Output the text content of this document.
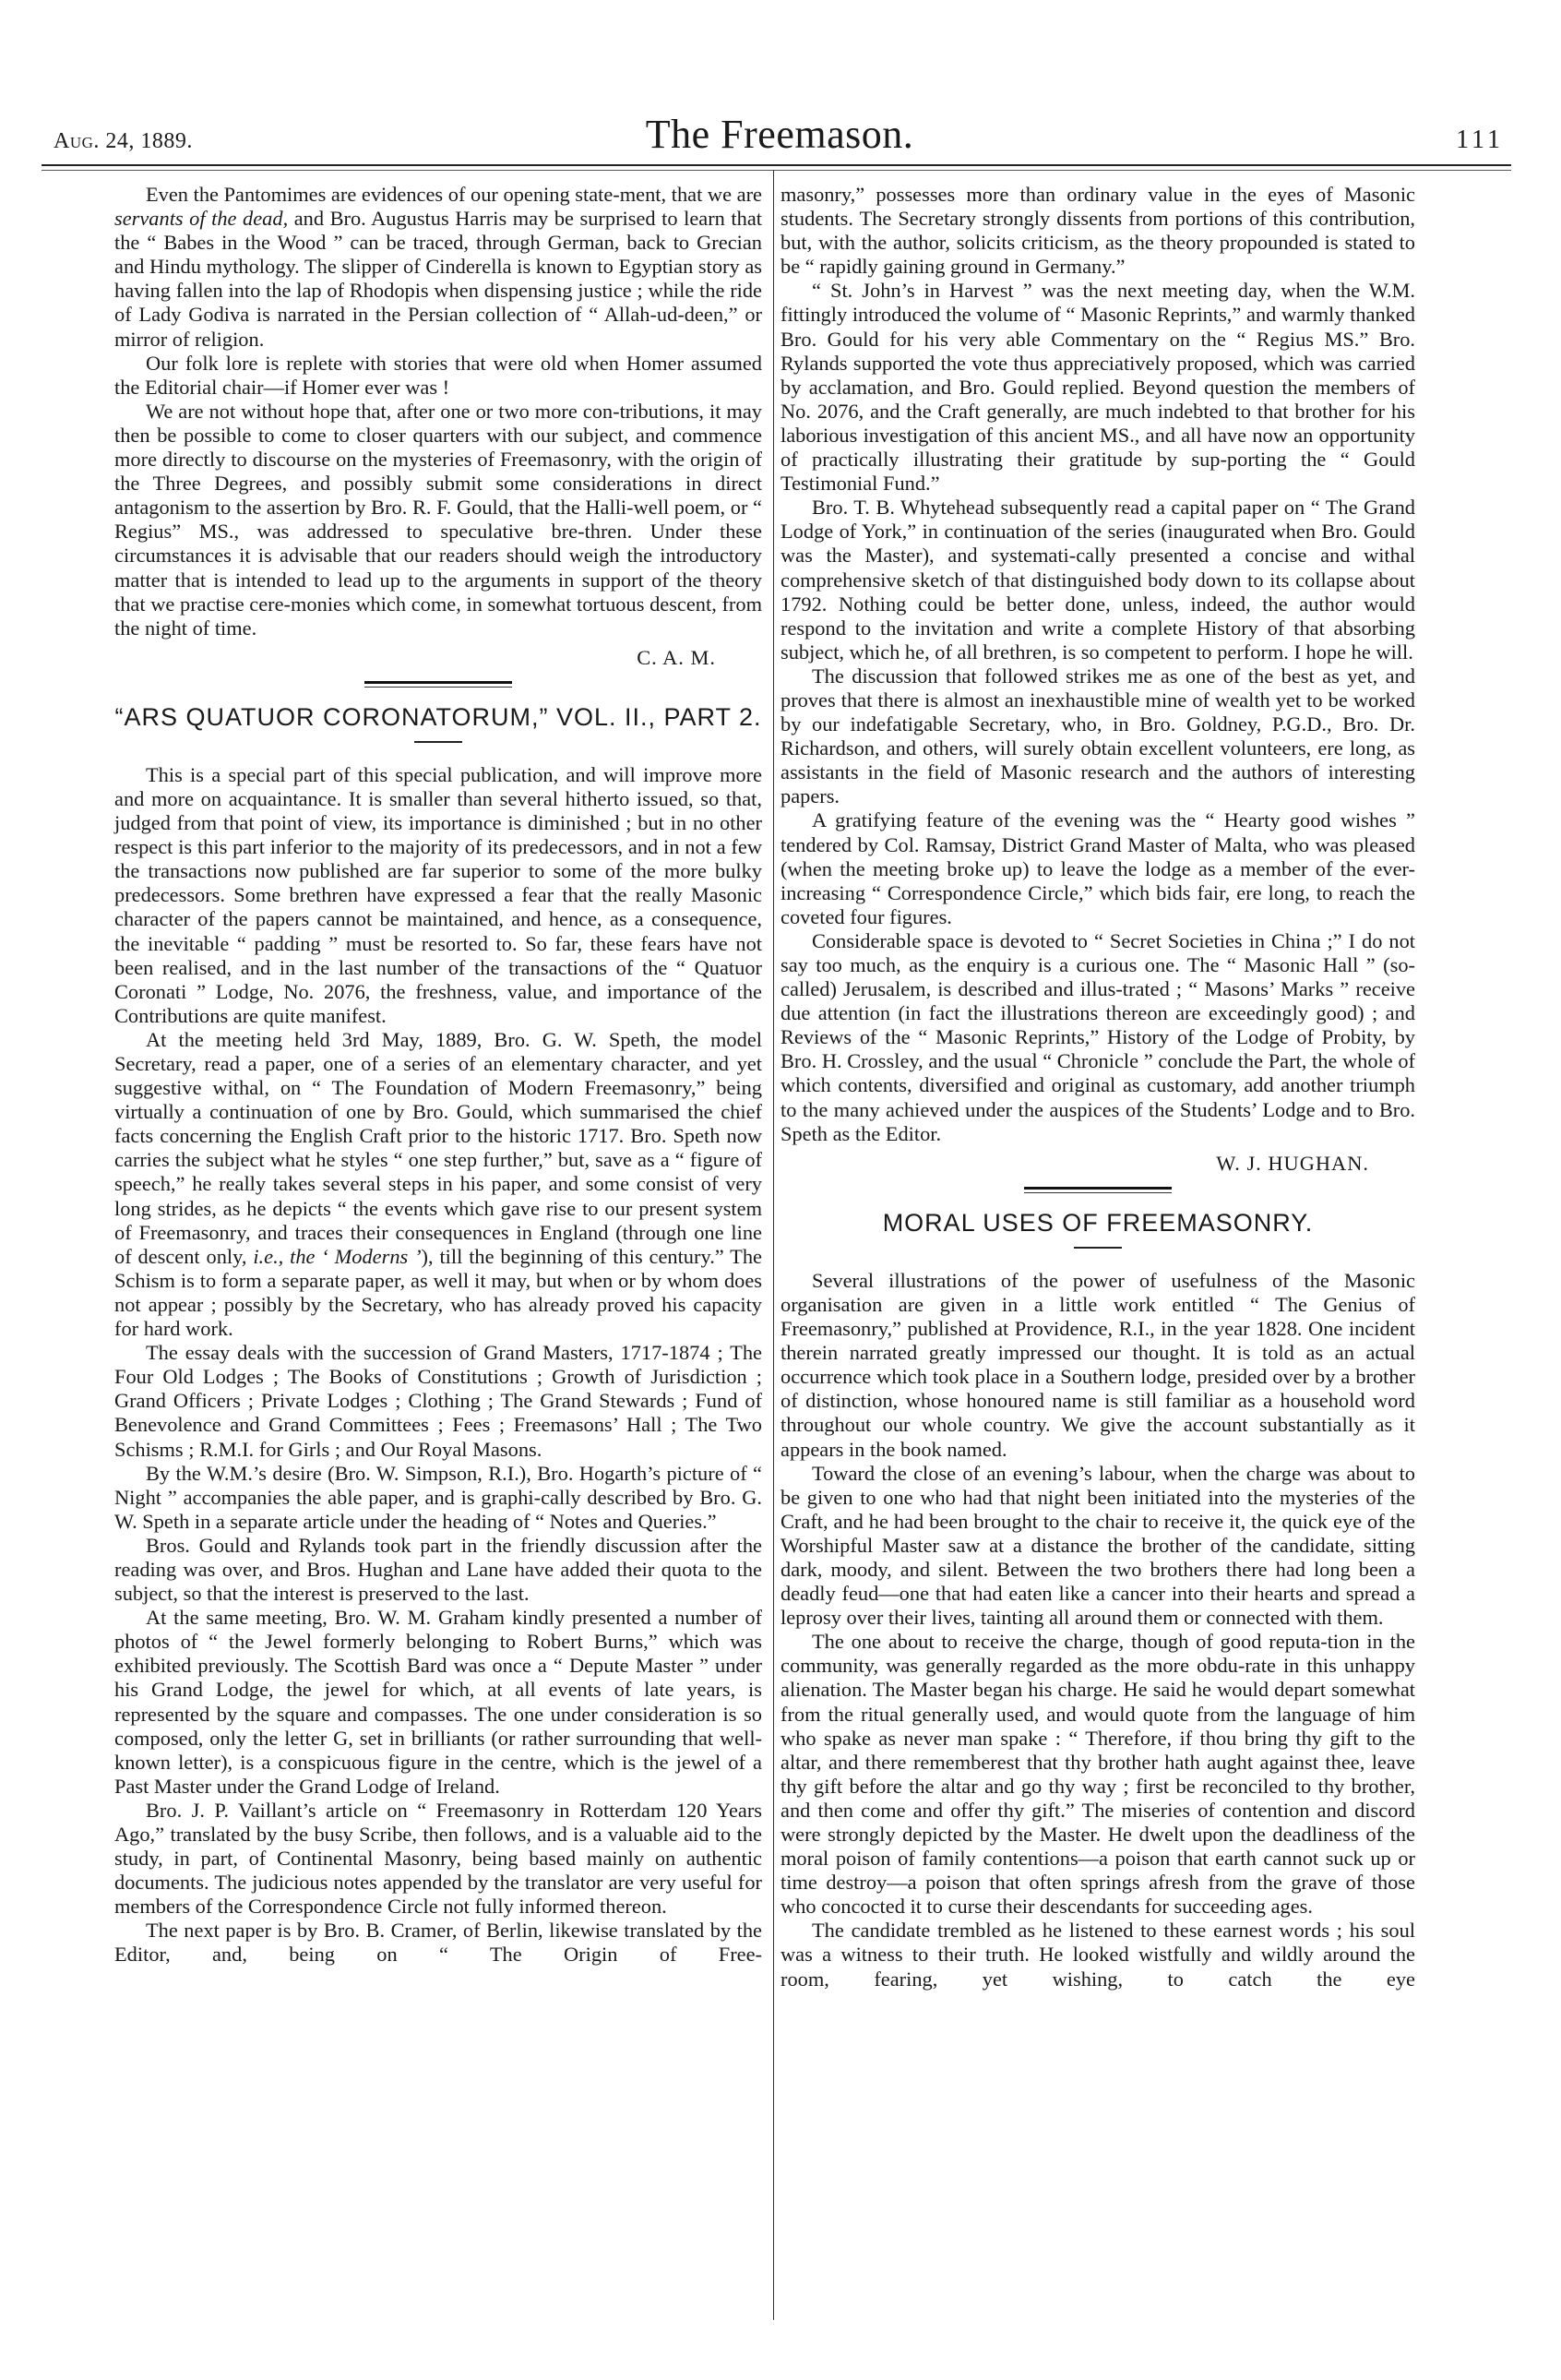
Aug. 24, 1889.	The Freemason.	111

Even the Pantomimes are evidences of our opening state-ment, that we are servants of the dead, and Bro. Augustus Harris may be surprised to learn that the “ Babes in the Wood ” can be traced, through German, back to Grecian and Hindu mythology. The slipper of Cinderella is known to Egyptian story as having fallen into the lap of Rhodopis when dispensing justice ; while the ride of Lady Godiva is narrated in the Persian collection of “ Allah-ud-deen,” or mirror of religion.

Our folk lore is replete with stories that were old when Homer assumed the Editorial chair—if Homer ever was !

We are not without hope that, after one or two more con-tributions, it may then be possible to come to closer quarters with our subject, and commence more directly to discourse on the mysteries of Freemasonry, with the origin of the Three Degrees, and possibly submit some considerations in direct antagonism to the assertion by Bro. R. F. Gould, that the Halli-well poem, or “ Regius” MS., was addressed to speculative bre-thren. Under these circumstances it is advisable that our readers should weigh the introductory matter that is intended to lead up to the arguments in support of the theory that we practise cere-monies which come, in somewhat tortuous descent, from the night of time.

C. A. M.
“ARS QUATUOR CORONATORUM,” VOL. II., PART 2.

This is a special part of this special publication, and will improve more and more on acquaintance. It is smaller than several hitherto issued, so that, judged from that point of view, its importance is diminished ; but in no other respect is this part inferior to the majority of its predecessors, and in not a few the transactions now published are far superior to some of the more bulky predecessors. Some brethren have expressed a fear that the really Masonic character of the papers cannot be maintained, and hence, as a consequence, the inevitable “ padding ” must be resorted to. So far, these fears have not been realised, and in the last number of the transactions of the “ Quatuor Coronati ” Lodge, No. 2076, the freshness, value, and importance of the Contributions are quite manifest.

At the meeting held 3rd May, 1889, Bro. G. W. Speth, the model Secretary, read a paper, one of a series of an elementary character, and yet suggestive withal, on “ The Foundation of Modern Freemasonry,” being virtually a continuation of one by Bro. Gould, which summarised the chief facts concerning the English Craft prior to the historic 1717. Bro. Speth now carries the subject what he styles “ one step further,” but, save as a “ figure of speech,” he really takes several steps in his paper, and some consist of very long strides, as he depicts “ the events which gave rise to our present system of Freemasonry, and traces their consequences in England (through one line of descent only, i.e., the ‘ Moderns ’), till the beginning of this century.” The Schism is to form a separate paper, as well it may, but when or by whom does not appear ; possibly by the Secretary, who has already proved his capacity for hard work.

The essay deals with the succession of Grand Masters, 1717-1874 ; The Four Old Lodges ; The Books of Constitutions ; Growth of Jurisdiction ; Grand Officers ; Private Lodges ; Clothing ; The Grand Stewards ; Fund of Benevolence and Grand Committees ; Fees ; Freemasons’ Hall ; The Two Schisms ; R.M.I. for Girls ; and Our Royal Masons.

By the W.M.’s desire (Bro. W. Simpson, R.I.), Bro. Hogarth’s picture of “ Night ” accompanies the able paper, and is graphi-cally described by Bro. G. W. Speth in a separate article under the heading of “ Notes and Queries.”

Bros. Gould and Rylands took part in the friendly discussion after the reading was over, and Bros. Hughan and Lane have added their quota to the subject, so that the interest is preserved to the last.

At the same meeting, Bro. W. M. Graham kindly presented a number of photos of “ the Jewel formerly belonging to Robert Burns,” which was exhibited previously. The Scottish Bard was once a “ Depute Master ” under his Grand Lodge, the jewel for which, at all events of late years, is represented by the square and compasses. The one under consideration is so composed, only the letter G, set in brilliants (or rather surrounding that well-known letter), is a conspicuous figure in the centre, which is the jewel of a Past Master under the Grand Lodge of Ireland.

Bro. J. P. Vaillant’s article on “ Freemasonry in Rotterdam 120 Years Ago,” translated by the busy Scribe, then follows, and is a valuable aid to the study, in part, of Continental Masonry, being based mainly on authentic documents. The judicious notes appended by the translator are very useful for members of the Correspondence Circle not fully informed thereon.

The next paper is by Bro. B. Cramer, of Berlin, likewise translated by the Editor, and, being on “ The Origin of Free-

masonry,” possesses more than ordinary value in the eyes of Masonic students. The Secretary strongly dissents from portions of this contribution, but, with the author, solicits criticism, as the theory propounded is stated to be “ rapidly gaining ground in Germany.”

“ St. John’s in Harvest ” was the next meeting day, when the W.M. fittingly introduced the volume of “ Masonic Reprints,” and warmly thanked Bro. Gould for his very able Commentary on the “ Regius MS.” Bro. Rylands supported the vote thus appreciatively proposed, which was carried by acclamation, and Bro. Gould replied. Beyond question the members of No. 2076, and the Craft generally, are much indebted to that brother for his laborious investigation of this ancient MS., and all have now an opportunity of practically illustrating their gratitude by sup-porting the “ Gould Testimonial Fund.”

Bro. T. B. Whytehead subsequently read a capital paper on “ The Grand Lodge of York,” in continuation of the series (inaugurated when Bro. Gould was the Master), and systemati-cally presented a concise and withal comprehensive sketch of that distinguished body down to its collapse about 1792. Nothing could be better done, unless, indeed, the author would respond to the invitation and write a complete History of that absorbing subject, which he, of all brethren, is so competent to perform. I hope he will.

The discussion that followed strikes me as one of the best as yet, and proves that there is almost an inexhaustible mine of wealth yet to be worked by our indefatigable Secretary, who, in Bro. Goldney, P.G.D., Bro. Dr. Richardson, and others, will surely obtain excellent volunteers, ere long, as assistants in the field of Masonic research and the authors of interesting papers.

A gratifying feature of the evening was the “ Hearty good wishes ” tendered by Col. Ramsay, District Grand Master of Malta, who was pleased (when the meeting broke up) to leave the lodge as a member of the ever-increasing “ Correspondence Circle,” which bids fair, ere long, to reach the coveted four figures.

Considerable space is devoted to “ Secret Societies in China ;” I do not say too much, as the enquiry is a curious one. The “ Masonic Hall ” (so-called) Jerusalem, is described and illus-trated ; “ Masons’ Marks ” receive due attention (in fact the illustrations thereon are exceedingly good) ; and Reviews of the “ Masonic Reprints,” History of the Lodge of Probity, by Bro. H. Crossley, and the usual “ Chronicle ” conclude the Part, the whole of which contents, diversified and original as customary, add another triumph to the many achieved under the auspices of the Students’ Lodge and to Bro. Speth as the Editor.

W. J. HUGHAN.
MORAL USES OF FREEMASONRY.

Several illustrations of the power of usefulness of the Masonic organisation are given in a little work entitled “ The Genius of Freemasonry,” published at Providence, R.I., in the year 1828. One incident therein narrated greatly impressed our thought. It is told as an actual occurrence which took place in a Southern lodge, presided over by a brother of distinction, whose honoured name is still familiar as a household word throughout our whole country. We give the account substantially as it appears in the book named.

Toward the close of an evening’s labour, when the charge was about to be given to one who had that night been initiated into the mysteries of the Craft, and he had been brought to the chair to receive it, the quick eye of the Worshipful Master saw at a distance the brother of the candidate, sitting dark, moody, and silent. Between the two brothers there had long been a deadly feud—one that had eaten like a cancer into their hearts and spread a leprosy over their lives, tainting all around them or connected with them.

The one about to receive the charge, though of good reputa-tion in the community, was generally regarded as the more obdu-rate in this unhappy alienation. The Master began his charge. He said he would depart somewhat from the ritual generally used, and would quote from the language of him who spake as never man spake : “ Therefore, if thou bring thy gift to the altar, and there rememberest that thy brother hath aught against thee, leave thy gift before the altar and go thy way ; first be reconciled to thy brother, and then come and offer thy gift.” The miseries of contention and discord were strongly depicted by the Master. He dwelt upon the deadliness of the moral poison of family contentions—a poison that earth cannot suck up or time destroy—a poison that often springs afresh from the grave of those who concocted it to curse their descendants for succeeding ages.

The candidate trembled as he listened to these earnest words ; his soul was a witness to their truth. He looked wistfully and wildly around the room, fearing, yet wishing, to catch the eye
